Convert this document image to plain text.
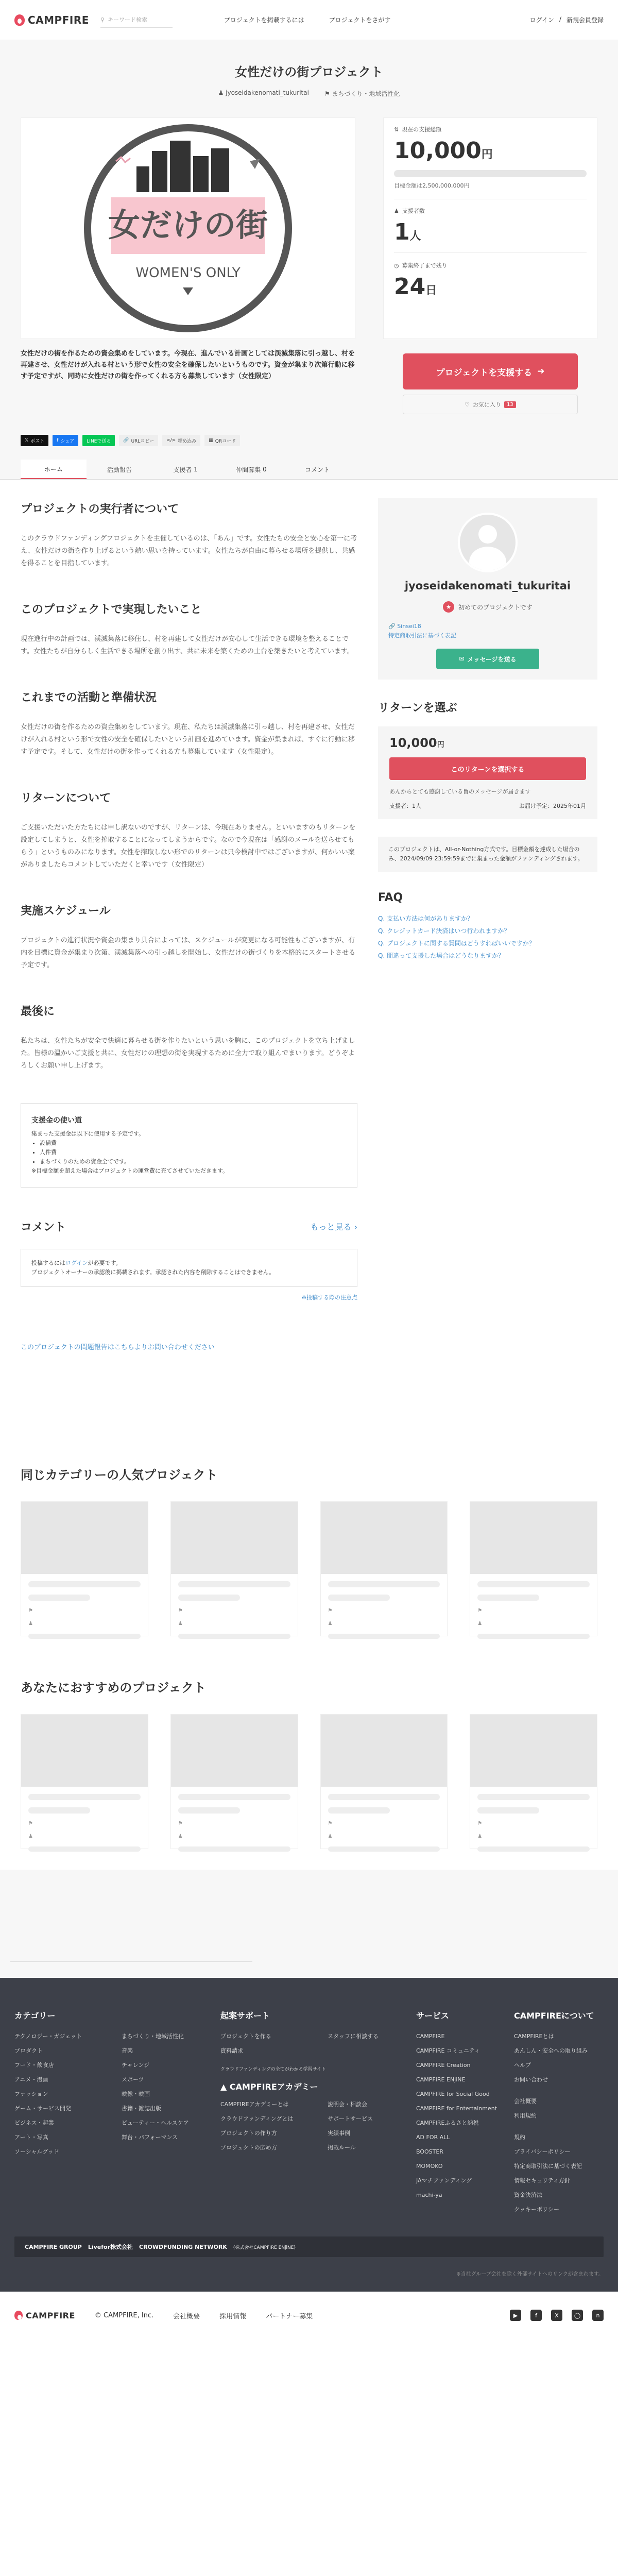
CAMPFIRE ⚲ キーワード検索	プロジェクトを掲載するには	プロジェクトをさがす	ログイン / 新規会員登録
女性だけの街プロジェクト
♟ jyoseidakenomati_tukuritai	⚑ まちづくり・地域活性化
女だけの街
WOMEN'S ONLY
⇅ 現在の支援総額
10,000円
目標金額は2,500,000,000円
♟ 支援者数
1人
◷ 募集終了まで残り
24日
女性だけの街を作るための資金集めをしています。今現在、進んでいる計画としては渓滅集落に引っ越し、村を再建させ、女性だけが入れる村という形で女性の安全を確保したいというものです。資金が集まり次第行動に移す予定ですが、同時に女性だけの街を作ってくれる方も募集しています（女性限定）	プロジェクトを支援する ➜
♡ お気に入り	13
𝕏 ポスト	f シェア	LINEで送る	🔗 URLコピー	</> 埋め込み	▦ QRコード
ホーム	活動報告	支援者
1	仲間募集
0	コメント
プロジェクトの実行者について

このクラウドファンディングプロジェクトを主催しているのは、「あん」です。女性たちの安全と安心を第一に考え、女性だけの街を作り上げるという熱い思いを持っています。女性たちが自由に暮らせる場所を提供し、共感を得ることを目指しています。

このプロジェクトで実現したいこと

現在進行中の計画では、渓滅集落に移住し、村を再建して女性だけが安心して生活できる環境を整えることです。女性たちが自分らしく生活できる場所を創り出す、共に未来を築くための土台を築きたいと考えています。

これまでの活動と準備状況

女性だけの街を作るための資金集めをしています。現在、私たちは渓滅集落に引っ越し、村を再建させ、女性だけが入れる村という形で女性の安全を確保したいという計画を進めています。資金が集まれば、すぐに行動に移す予定です。そして、女性だけの街を作ってくれる方も募集しています（女性限定）。

リターンについて

ご支援いただいた方たちには申し訳ないのですが、リターンは、今現在ありません。といいますのもリターンを設定してしまうと、女性を搾取することになってしまうからです。なので今現在は「感謝のメールを送らせてもらう」というものみになります。女性を搾取しない形でのリターンは只今検討中ではございますが、何かいい案がありましたらコメントしていただくと幸いです（女性限定）

実施スケジュール

プロジェクトの進行状況や資金の集まり具合によっては、スケジュールが変更になる可能性もございますが、有内を目標に資金が集まり次第、渓滅集落への引っ越しを開始し、女性だけの街づくりを本格的にスタートさせる予定です。

最後に

私たちは、女性たちが安全で快適に暮らせる街を作りたいという思いを胸に、このプロジェクトを立ち上げました。皆様の温かいご支援と共に、女性だけの理想の街を実現するために全力で取り組んでまいります。どうぞよろしくお願い申し上げます。

支援金の使い道

集まった支援金は以下に使用する予定です。

• 設備費
• 人件費
• まちづくりのための資金全てです。

※目標金額を超えた場合はプロジェクトの運営費に充てさせていただきます。

コメント	もっと見る ›
投稿するにはログインが必要です。
プロジェクトオーナーの承認後に掲載されます。承認された内容を削除することはできません。
※投稿する際の注意点
このプロジェクトの問題報告はこちらよりお問い合わせください
jyoseidakenomati_tukuritai
★	初めてのプロジェクトです
🔗 Sinsei18
特定商取引法に基づく表記
✉ メッセージを送る
リターンを選ぶ
10,000円
このリターンを選択する
あんからとても感謝している旨のメッセージが届きます
支援者：1人	お届け予定：2025年01月
このプロジェクトは、All-or-Nothing方式です。目標金額を達成した場合のみ、2024/09/09 23:59:59までに集まった金額がファンディングされます。
FAQ
Q. 支払い方法は何がありますか？
Q. クレジットカード決済はいつ行われますか？
Q. プロジェクトに関する質問はどうすればいいですか？
Q. 間違って支援した場合はどうなりますか？
同じカテゴリーの人気プロジェクト
⚑
♟
⚑
♟
⚑
♟
⚑
♟
あなたにおすすめのプロジェクト
⚑
♟
⚑
♟
⚑
♟
⚑
♟
カテゴリー
テクノロジー・ガジェット
プロダクト
フード・飲食店
アニメ・漫画
ファッション
ゲーム・サービス開発
ビジネス・起業
アート・写真
ソーシャルグッド
まちづくり・地域活性化
音楽
チャレンジ
スポーツ
映像・映画
書籍・雑誌出版
ビューティー・ヘルスケア
舞台・パフォーマンス
起案サポート
プロジェクトを作る
資料請求
スタッフに相談する
クラウドファンディングの全てがわかる学習サイト
▲ CAMPFIREアカデミー
CAMPFIREアカデミーとは
クラウドファンディングとは
プロジェクトの作り方
プロジェクトの広め方
説明会・相談会
サポートサービス
実績事例
掲載ルール
サービス
CAMPFIRE
CAMPFIRE コミュニティ
CAMPFIRE Creation
CAMPFIRE ENjiNE
CAMPFIRE for Social Good
CAMPFIRE for Entertainment
CAMPFIREふるさと納税
AD FOR ALL
BOOSTER
MOMOKO
JAマチファンディング
machi-ya
CAMPFIREについて
CAMPFIREとは
あんしん・安全への取り組み
ヘルプ
お問い合わせ
会社概要
利用規約
規約
プライバシーポリシー
特定商取引法に基づく表記
情報セキュリティ方針
資金決済法
クッキーポリシー
CAMPFIRE GROUP Livefor株式会社 CROWDFUNDING NETWORK (株式会社CAMPFIRE ENjiNE)
※当社グループ会社を除く外部サイトへのリンクが含まれます。
CAMPFIRE	© CAMPFIRE, Inc.	会社概要	採用情報	パートナー募集	▶	f	X	◯	n
